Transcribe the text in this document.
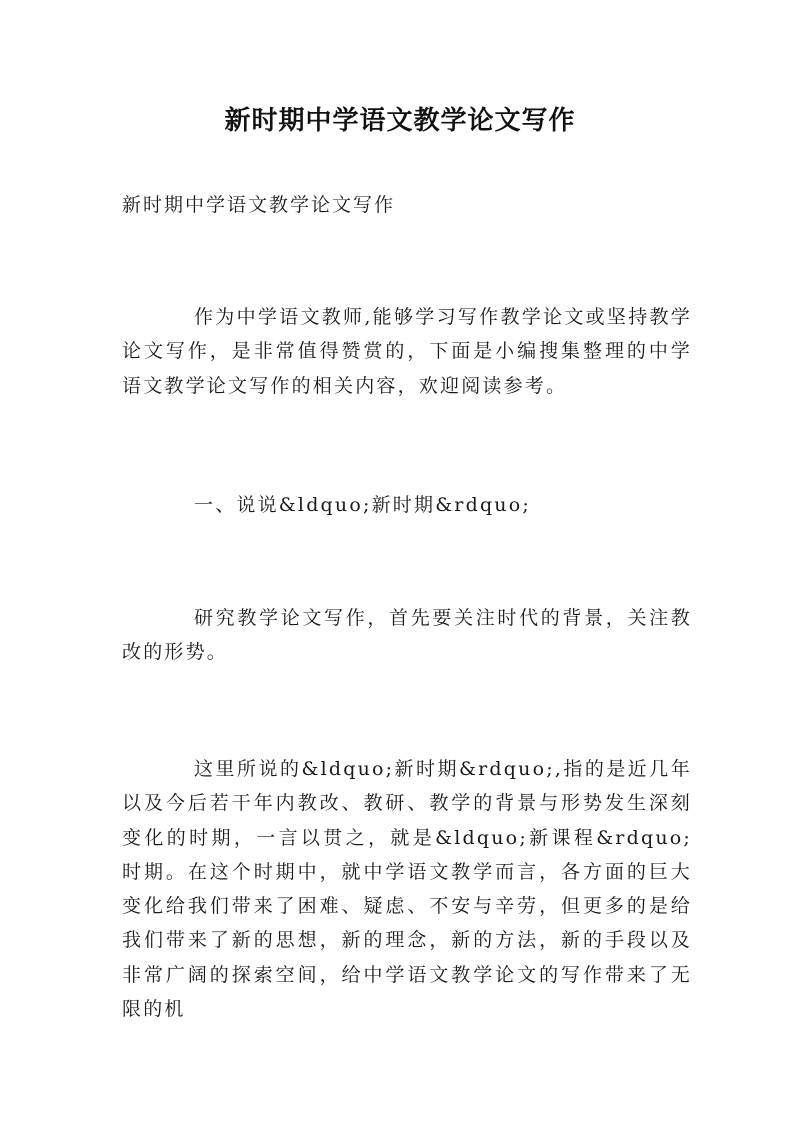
新时期中学语文教学论文写作

新时期中学语文教学论文写作

作为中学语文教师,能够学习写作教学论文或坚持教学论文写作，是非常值得赞赏的，下面是小编搜集整理的中学语文教学论文写作的相关内容，欢迎阅读参考。

一、说说&ldquo;新时期&rdquo;

研究教学论文写作，首先要关注时代的背景，关注教改的形势。

这里所说的&ldquo;新时期&rdquo;,指的是近几年以及今后若干年内教改、教研、教学的背景与形势发生深刻变化的时期，一言以贯之，就是&ldquo;新课程&rdquo;时期。在这个时期中，就中学语文教学而言，各方面的巨大变化给我们带来了困难、疑虑、不安与辛劳，但更多的是给我们带来了新的思想，新的理念，新的方法，新的手段以及非常广阔的探索空间，给中学语文教学论文的写作带来了无限的机
